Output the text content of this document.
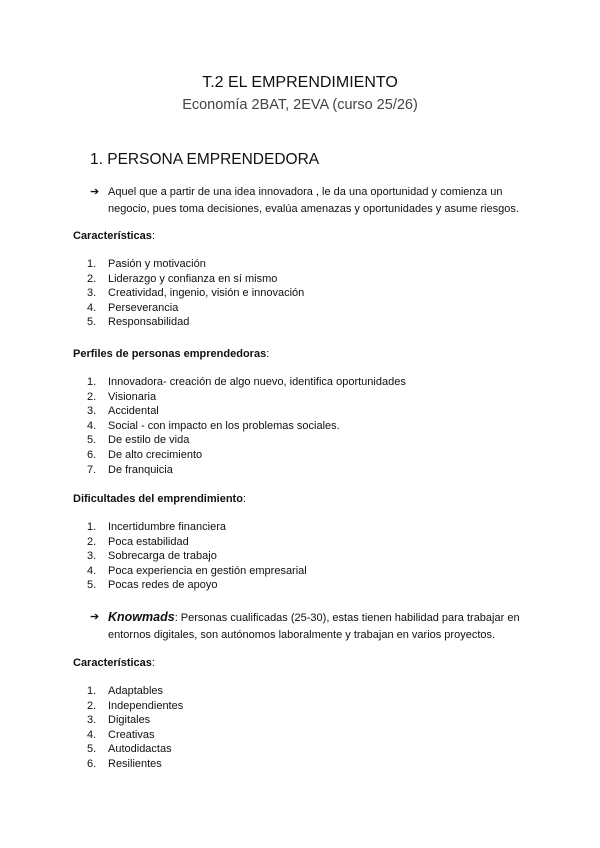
T.2 EL EMPRENDIMIENTO
Economía 2BAT, 2EVA (curso 25/26)
1. PERSONA EMPRENDEDORA
➔ Aquel que a partir de una idea innovadora , le da una oportunidad y comienza un negocio, pues toma decisiones, evalúa amenazas y oportunidades y asume riesgos.
Características:
1. Pasión y motivación
2. Liderazgo y confianza en sí mismo
3. Creatividad, ingenio, visión e innovación
4. Perseverancia
5. Responsabilidad
Perfiles de personas emprendedoras:
1. Innovadora- creación de algo nuevo, identifica oportunidades
2. Visionaria
3. Accidental
4. Social - con impacto en los problemas sociales.
5. De estilo de vida
6. De alto crecimiento
7. De franquicia
Dificultades del emprendimiento:
1. Incertidumbre financiera
2. Poca estabilidad
3. Sobrecarga de trabajo
4. Poca experiencia en gestión empresarial
5. Pocas redes de apoyo
➔ Knowmads: Personas cualificadas (25-30), estas tienen habilidad para trabajar en entornos digitales, son autónomos laboralmente y trabajan en varios proyectos.
Características:
1. Adaptables
2. Independientes
3. Digitales
4. Creativas
5. Autodidactas
6. Resilientes
